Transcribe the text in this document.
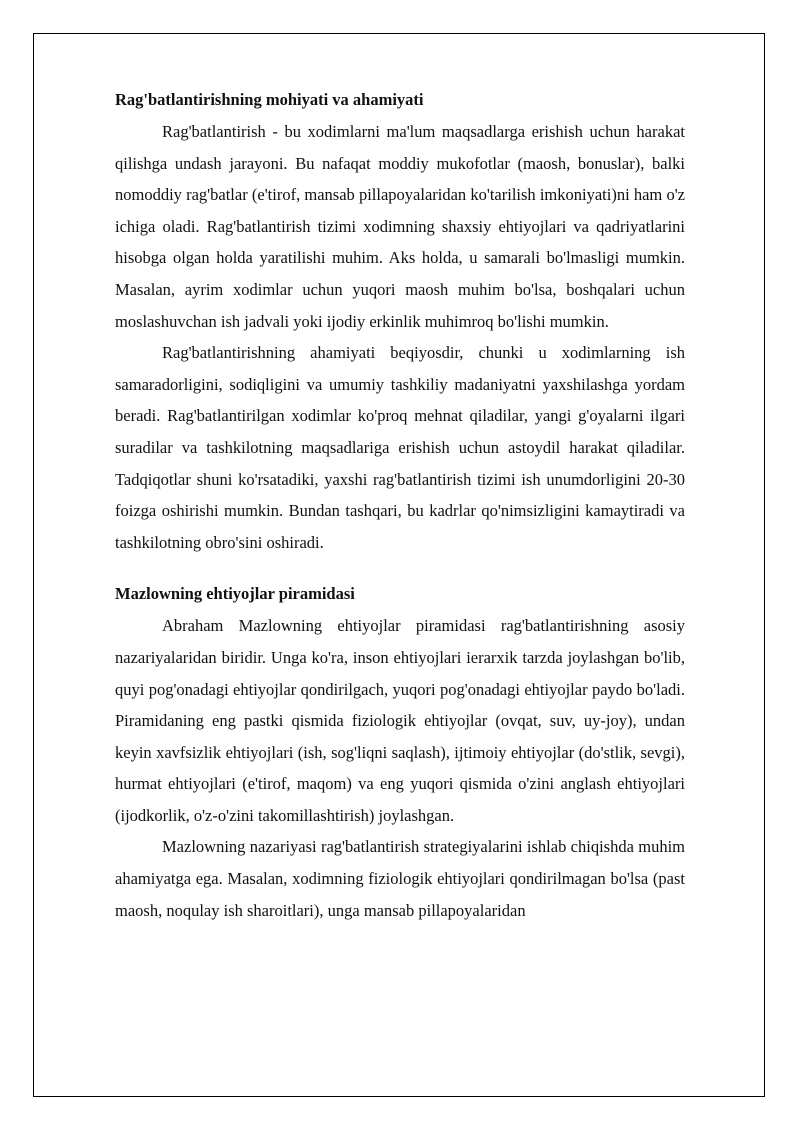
Rag'batlantirishning mohiyati va ahamiyati

Rag'batlantirish - bu xodimlarni ma'lum maqsadlarga erishish uchun harakat qilishga undash jarayoni. Bu nafaqat moddiy mukofotlar (maosh, bonuslar), balki nomoddiy rag'batlar (e'tirof, mansab pillapoyalaridan ko'tarilish imkoniyati)ni ham o'z ichiga oladi. Rag'batlantirish tizimi xodimning shaxsiy ehtiyojlari va qadriyatlarini hisobga olgan holda yaratilishi muhim. Aks holda, u samarali bo'lmasligi mumkin. Masalan, ayrim xodimlar uchun yuqori maosh muhim bo'lsa, boshqalari uchun moslashuvchan ish jadvali yoki ijodiy erkinlik muhimroq bo'lishi mumkin.

Rag'batlantirishning ahamiyati beqiyosdir, chunki u xodimlarning ish samaradorligini, sodiqligini va umumiy tashkiliy madaniyatni yaxshilashga yordam beradi. Rag'batlantirilgan xodimlar ko'proq mehnat qiladilar, yangi g'oyalarni ilgari suradilar va tashkilotning maqsadlariga erishish uchun astoydil harakat qiladilar. Tadqiqotlar shuni ko'rsatadiki, yaxshi rag'batlantirish tizimi ish unumdorligini 20-30 foizga oshirishi mumkin. Bundan tashqari, bu kadrlar qo'nimsizligini kamaytiradi va tashkilotning obro'sini oshiradi.

Mazlowning ehtiyojlar piramidasi

Abraham Mazlowning ehtiyojlar piramidasi rag'batlantirishning asosiy nazariyalaridan biridir. Unga ko'ra, inson ehtiyojlari ierarxik tarzda joylashgan bo'lib, quyi pog'onadagi ehtiyojlar qondirilgach, yuqori pog'onadagi ehtiyojlar paydo bo'ladi. Piramidaning eng pastki qismida fiziologik ehtiyojlar (ovqat, suv, uy-joy), undan keyin xavfsizlik ehtiyojlari (ish, sog'liqni saqlash), ijtimoiy ehtiyojlar (do'stlik, sevgi), hurmat ehtiyojlari (e'tirof, maqom) va eng yuqori qismida o'zini anglash ehtiyojlari (ijodkorlik, o'z-o'zini takomillashtirish) joylashgan.

Mazlowning nazariyasi rag'batlantirish strategiyalarini ishlab chiqishda muhim ahamiyatga ega. Masalan, xodimning fiziologik ehtiyojlari qondirilmagan bo'lsa (past maosh, noqulay ish sharoitlari), unga mansab pillapoyalaridan
